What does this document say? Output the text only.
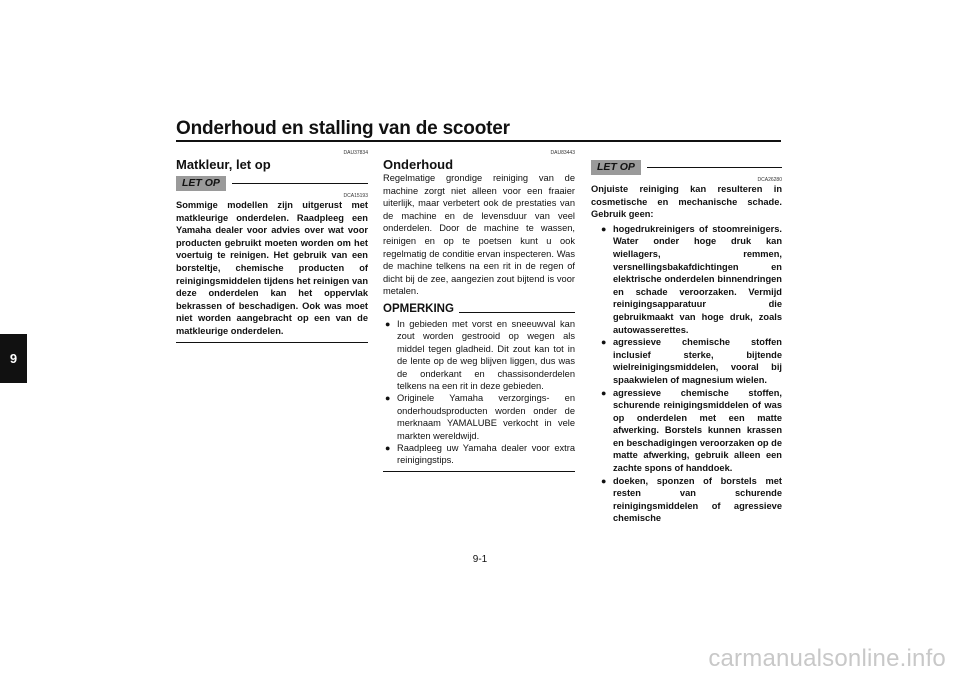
Onderhoud en stalling van de scooter
9
DAU37834
Matkleur, let op
LET OP
DCA15193
Sommige modellen zijn uitgerust met matkleurige onderdelen. Raadpleeg een Yamaha dealer voor advies over wat voor producten gebruikt moeten worden om het voertuig te reinigen. Het gebruik van een borsteltje, chemische producten of reinigingsmiddelen tijdens het reinigen van deze onderdelen kan het oppervlak bekrassen of beschadigen. Ook was moet niet worden aangebracht op een van de matkleurige onderdelen.
DAU83443
Onderhoud
Regelmatige grondige reiniging van de machine zorgt niet alleen voor een fraaier uiterlijk, maar verbetert ook de prestaties van de machine en de levensduur van veel onderdelen. Door de machine te wassen, reinigen en op te poetsen kunt u ook regelmatig de conditie ervan inspecteren. Was de machine telkens na een rit in de regen of dicht bij de zee, aangezien zout bijtend is voor metalen.
OPMERKING
● In gebieden met vorst en sneeuwval kan zout worden gestrooid op wegen als middel tegen gladheid. Dit zout kan tot in de lente op de weg blijven liggen, dus was de onderkant en chassisonderdelen telkens na een rit in deze gebieden.
● Originele Yamaha verzorgings- en onderhoudsproducten worden onder de merknaam YAMALUBE verkocht in vele markten wereldwijd.
● Raadpleeg uw Yamaha dealer voor extra reinigingstips.
LET OP
DCA26280
Onjuiste reiniging kan resulteren in cosmetische en mechanische schade. Gebruik geen:
● hogedrukreinigers of stoomreinigers. Water onder hoge druk kan wiellagers, remmen, versnellingsbakafdichtingen en elektrische onderdelen binnendringen en schade veroorzaken. Vermijd reinigingsapparatuur die gebruikmaakt van hoge druk, zoals autowasserettes.
● agressieve chemische stoffen inclusief sterke, bijtende wielreinigingsmiddelen, vooral bij spaakwielen of magnesium wielen.
● agressieve chemische stoffen, schurende reinigingsmiddelen of was op onderdelen met een matte afwerking. Borstels kunnen krassen en beschadigingen veroorzaken op de matte afwerking, gebruik alleen een zachte spons of handdoek.
● doeken, sponzen of borstels met resten van schurende reinigingsmiddelen of agressieve chemische
9-1
carmanualsonline.info
